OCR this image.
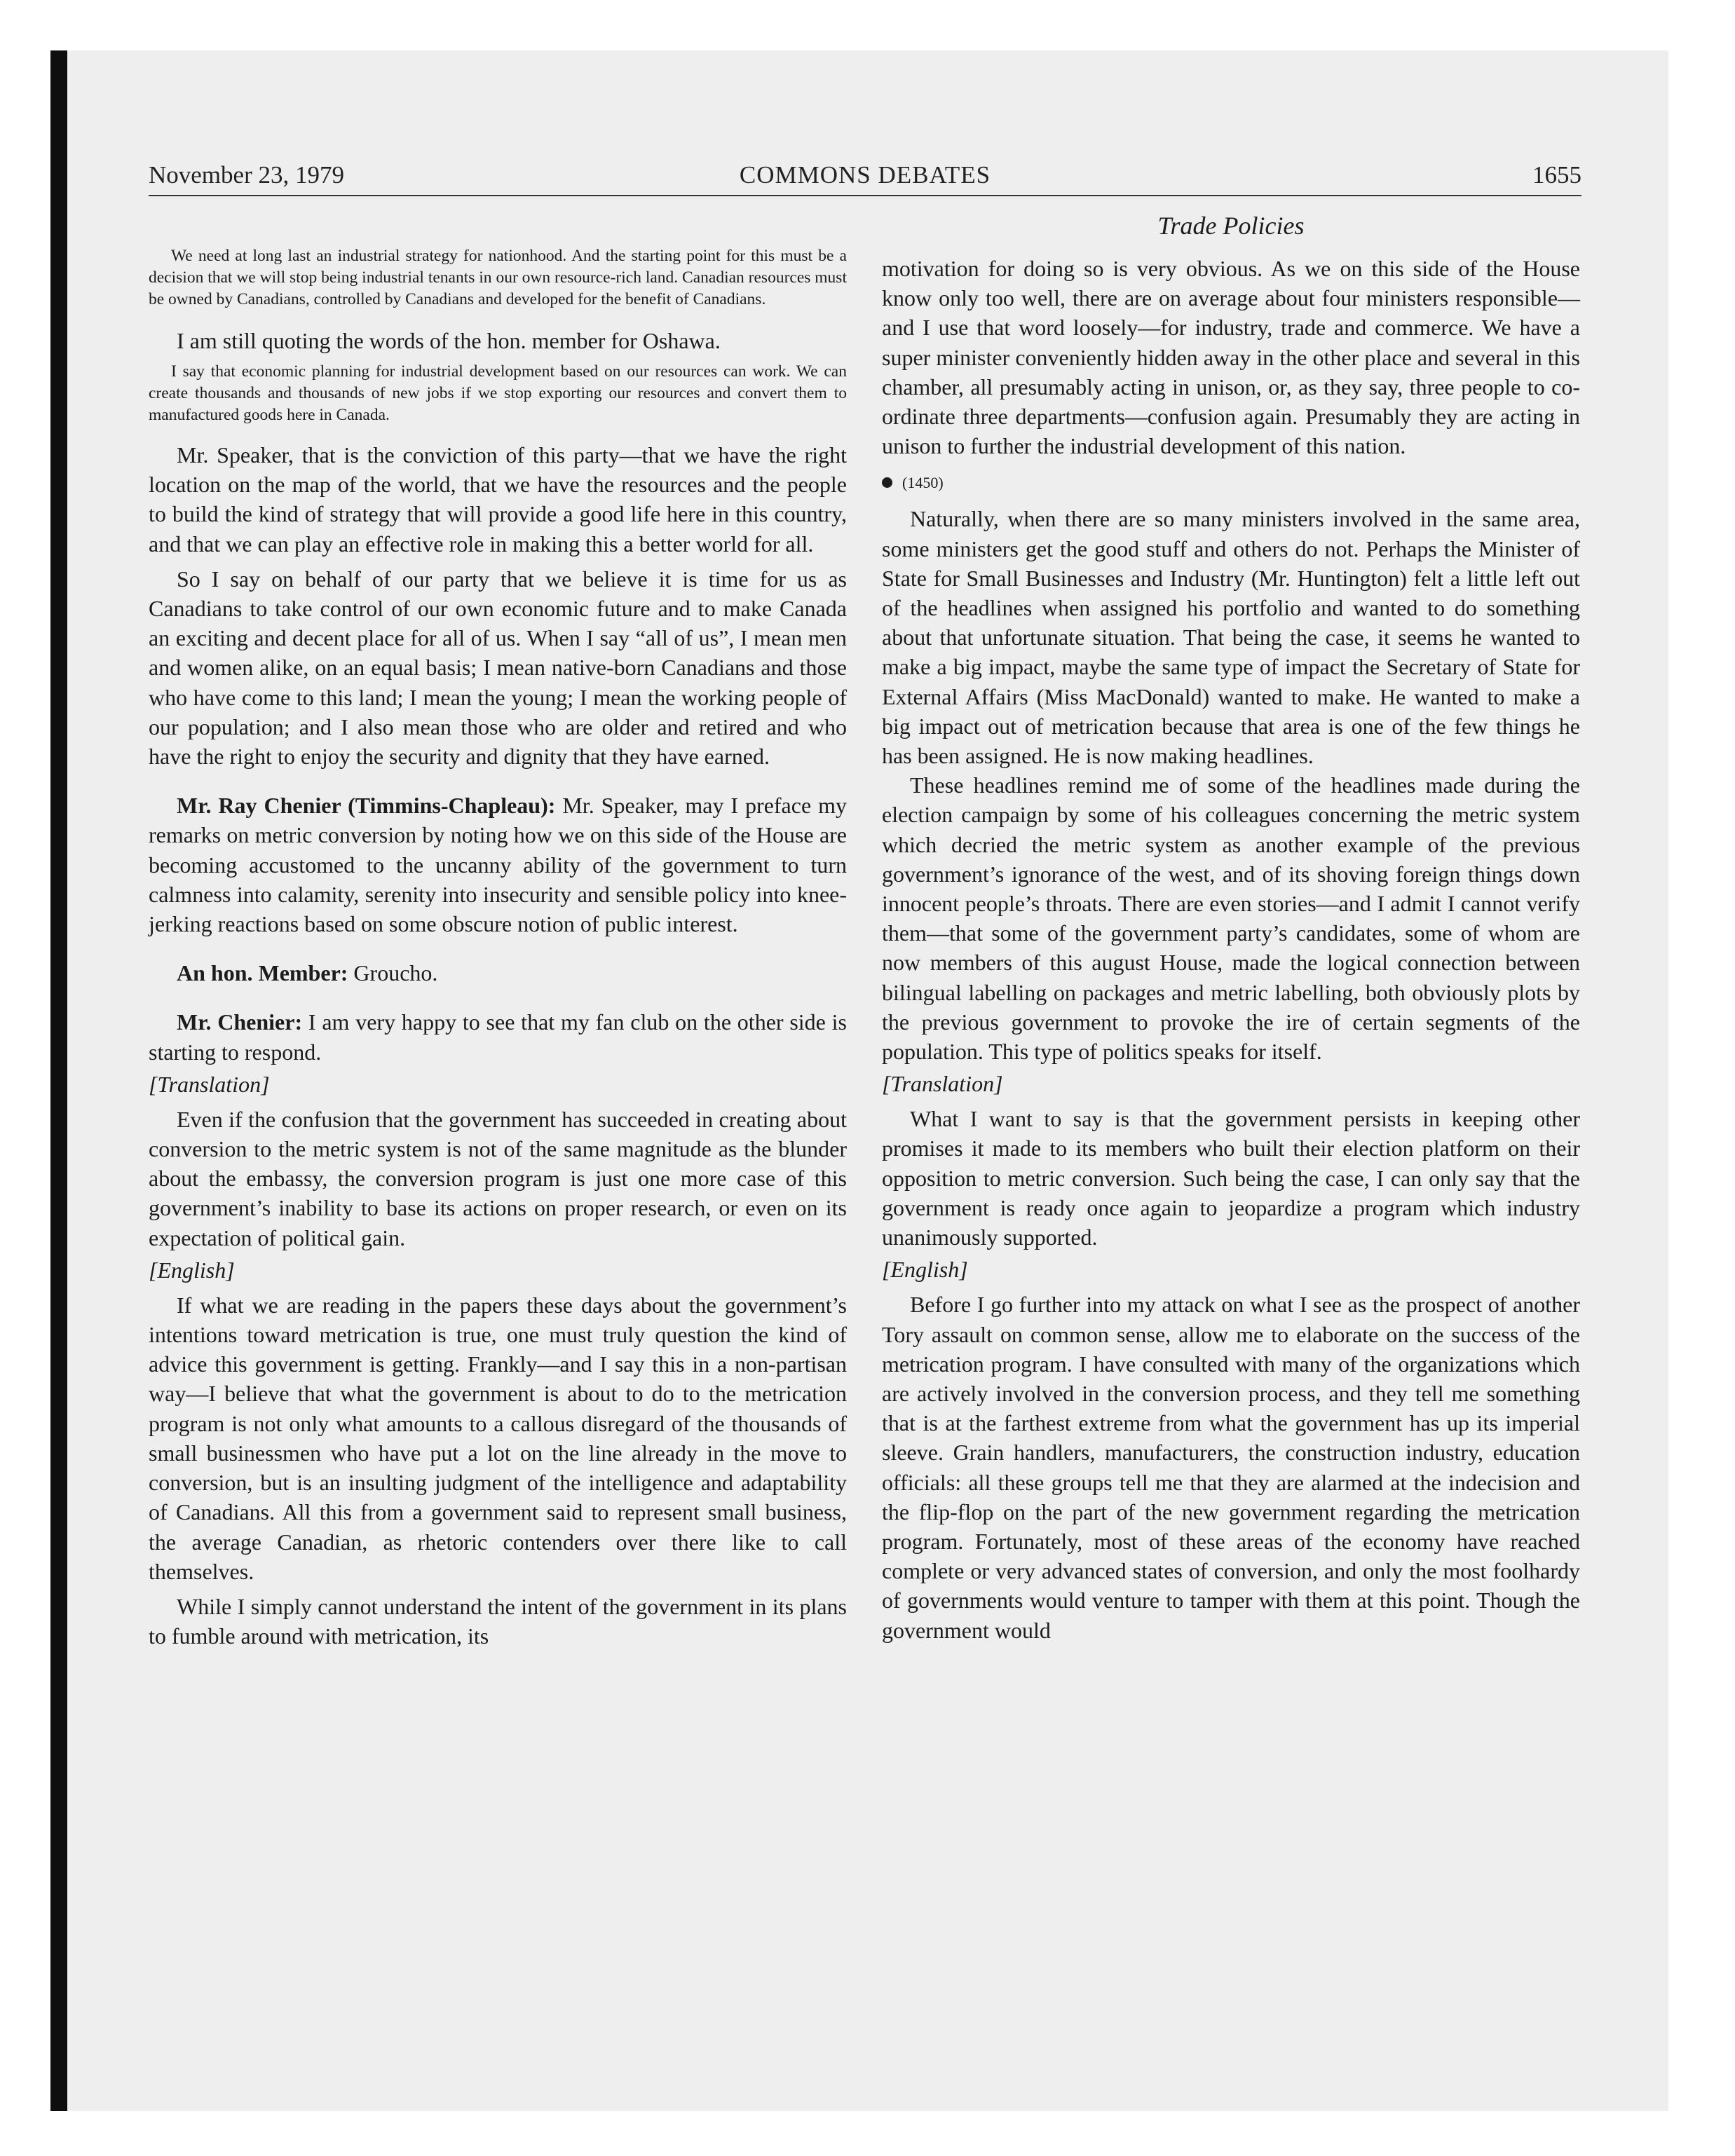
November 23, 1979	COMMONS DEBATES	1655

We need at long last an industrial strategy for nationhood. And the starting point for this must be a decision that we will stop being industrial tenants in our own resource-rich land. Canadian resources must be owned by Canadians, controlled by Canadians and developed for the benefit of Canadians.

I am still quoting the words of the hon. member for Oshawa.

I say that economic planning for industrial development based on our resources can work. We can create thousands and thousands of new jobs if we stop exporting our resources and convert them to manufactured goods here in Canada.

Mr. Speaker, that is the conviction of this party—that we have the right location on the map of the world, that we have the resources and the people to build the kind of strategy that will provide a good life here in this country, and that we can play an effective role in making this a better world for all.

So I say on behalf of our party that we believe it is time for us as Canadians to take control of our own economic future and to make Canada an exciting and decent place for all of us. When I say “all of us”, I mean men and women alike, on an equal basis; I mean native-born Canadians and those who have come to this land; I mean the young; I mean the working people of our population; and I also mean those who are older and retired and who have the right to enjoy the security and dignity that they have earned.

Mr. Ray Chenier (Timmins-Chapleau): Mr. Speaker, may I preface my remarks on metric conversion by noting how we on this side of the House are becoming accustomed to the uncanny ability of the government to turn calmness into calamity, serenity into insecurity and sensible policy into knee-jerking reactions based on some obscure notion of public interest.

An hon. Member: Groucho.

Mr. Chenier: I am very happy to see that my fan club on the other side is starting to respond.

[Translation]

Even if the confusion that the government has succeeded in creating about conversion to the metric system is not of the same magnitude as the blunder about the embassy, the conversion program is just one more case of this government’s inability to base its actions on proper research, or even on its expectation of political gain.

[English]

If what we are reading in the papers these days about the government’s intentions toward metrication is true, one must truly question the kind of advice this government is getting. Frankly—and I say this in a non-partisan way—I believe that what the government is about to do to the metrication program is not only what amounts to a callous disregard of the thousands of small businessmen who have put a lot on the line already in the move to conversion, but is an insulting judgment of the intelligence and adaptability of Canadians. All this from a government said to represent small business, the average Canadian, as rhetoric contenders over there like to call themselves.

While I simply cannot understand the intent of the government in its plans to fumble around with metrication, its

Trade Policies

motivation for doing so is very obvious. As we on this side of the House know only too well, there are on average about four ministers responsible—and I use that word loosely—for industry, trade and commerce. We have a super minister conveniently hidden away in the other place and several in this chamber, all presumably acting in unison, or, as they say, three people to co-ordinate three departments—confusion again. Presumably they are acting in unison to further the industrial development of this nation.

(1450)

Naturally, when there are so many ministers involved in the same area, some ministers get the good stuff and others do not. Perhaps the Minister of State for Small Businesses and Industry (Mr. Huntington) felt a little left out of the headlines when assigned his portfolio and wanted to do something about that unfortunate situation. That being the case, it seems he wanted to make a big impact, maybe the same type of impact the Secretary of State for External Affairs (Miss MacDonald) wanted to make. He wanted to make a big impact out of metrication because that area is one of the few things he has been assigned. He is now making headlines.

These headlines remind me of some of the headlines made during the election campaign by some of his colleagues concerning the metric system which decried the metric system as another example of the previous government’s ignorance of the west, and of its shoving foreign things down innocent people’s throats. There are even stories—and I admit I cannot verify them—that some of the government party’s candidates, some of whom are now members of this august House, made the logical connection between bilingual labelling on packages and metric labelling, both obviously plots by the previous government to provoke the ire of certain segments of the population. This type of politics speaks for itself.

[Translation]

What I want to say is that the government persists in keeping other promises it made to its members who built their election platform on their opposition to metric conversion. Such being the case, I can only say that the government is ready once again to jeopardize a program which industry unanimously supported.

[English]

Before I go further into my attack on what I see as the prospect of another Tory assault on common sense, allow me to elaborate on the success of the metrication program. I have consulted with many of the organizations which are actively involved in the conversion process, and they tell me something that is at the farthest extreme from what the government has up its imperial sleeve. Grain handlers, manufacturers, the construction industry, education officials: all these groups tell me that they are alarmed at the indecision and the flip-flop on the part of the new government regarding the metrication program. Fortunately, most of these areas of the economy have reached complete or very advanced states of conversion, and only the most foolhardy of governments would venture to tamper with them at this point. Though the government would
